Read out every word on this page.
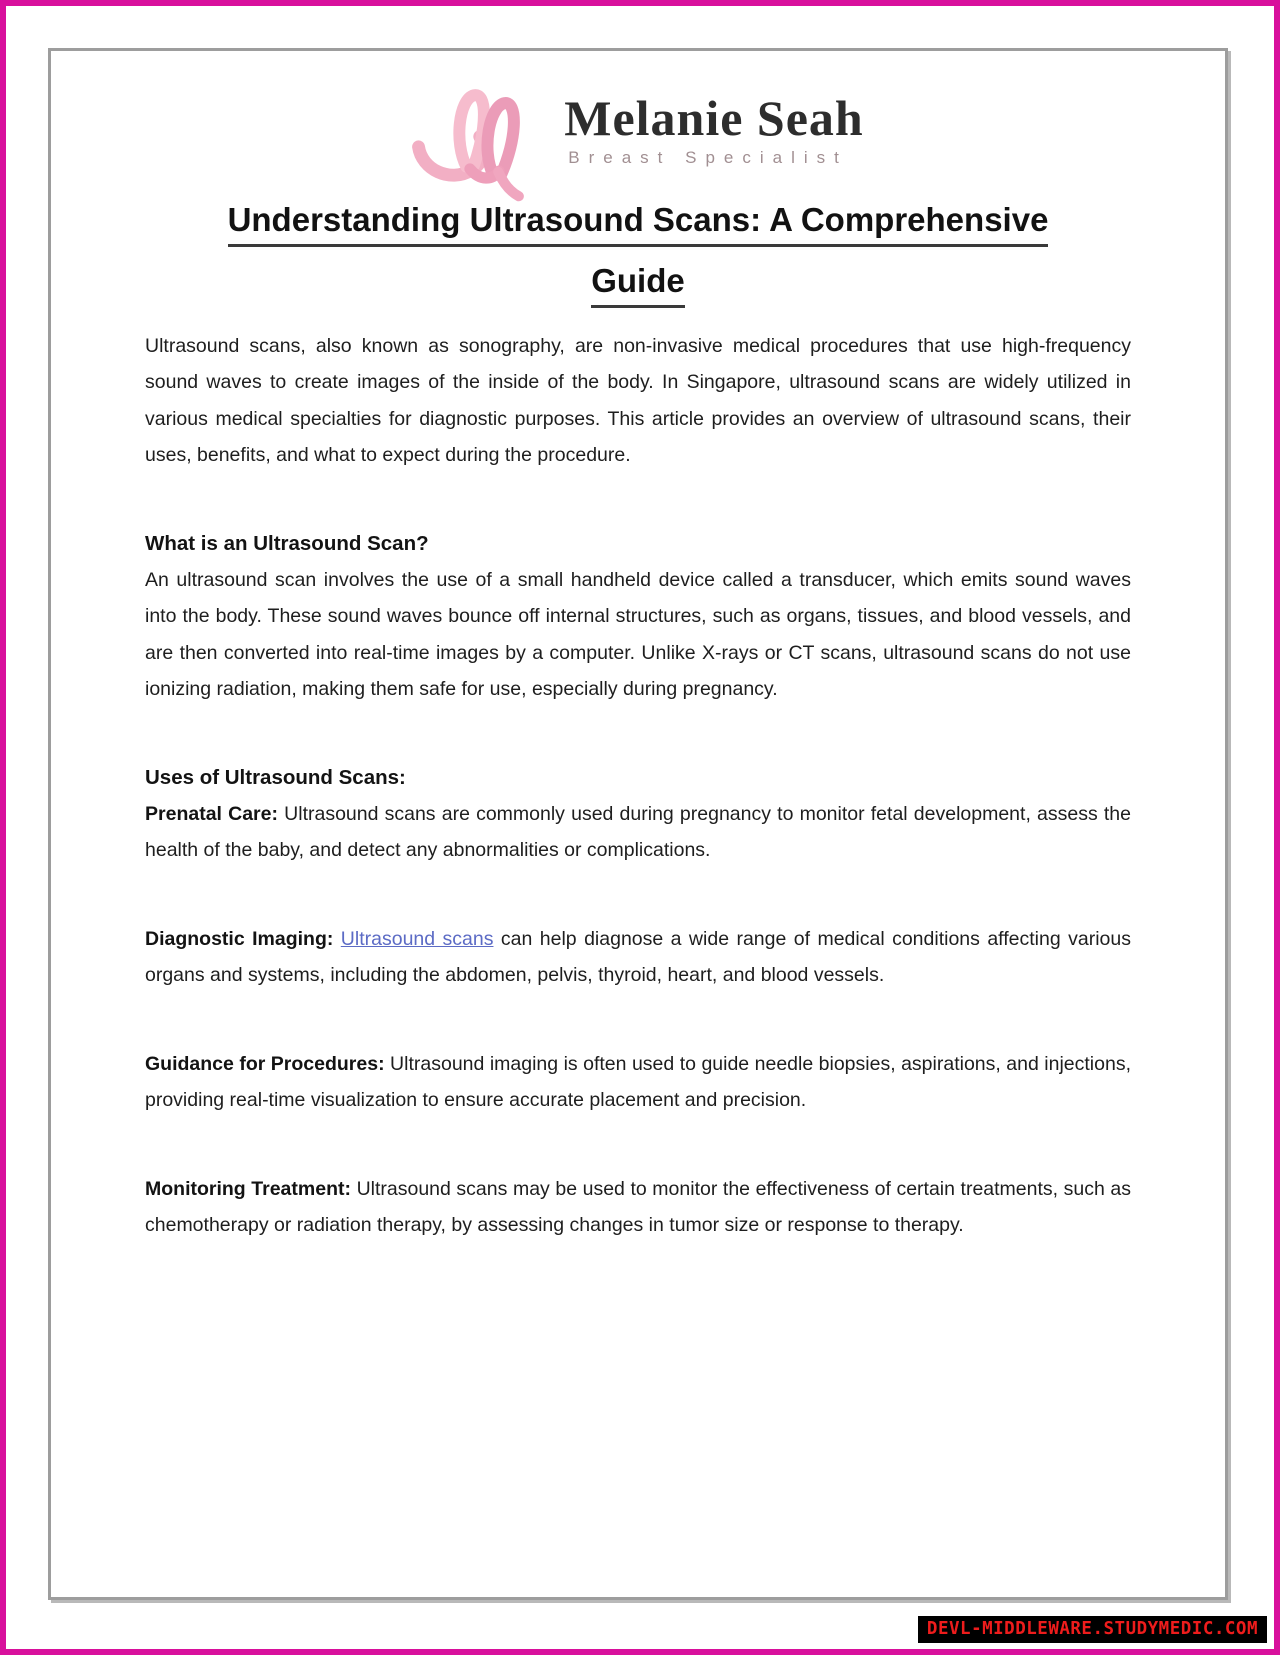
Melanie Seah
Breast Specialist
Understanding Ultrasound Scans: A Comprehensive
Guide

Ultrasound scans, also known as sonography, are non-invasive medical procedures that use high-frequency sound waves to create images of the inside of the body. In Singapore, ultrasound scans are widely utilized in various medical specialties for diagnostic purposes. This article provides an overview of ultrasound scans, their uses, benefits, and what to expect during the procedure.

What is an Ultrasound Scan?

An ultrasound scan involves the use of a small handheld device called a transducer, which emits sound waves into the body. These sound waves bounce off internal structures, such as organs, tissues, and blood vessels, and are then converted into real-time images by a computer. Unlike X-rays or CT scans, ultrasound scans do not use ionizing radiation, making them safe for use, especially during pregnancy.

Uses of Ultrasound Scans:

Prenatal Care: Ultrasound scans are commonly used during pregnancy to monitor fetal development, assess the health of the baby, and detect any abnormalities or complications.

Diagnostic Imaging: Ultrasound scans can help diagnose a wide range of medical conditions affecting various organs and systems, including the abdomen, pelvis, thyroid, heart, and blood vessels.

Guidance for Procedures: Ultrasound imaging is often used to guide needle biopsies, aspirations, and injections, providing real-time visualization to ensure accurate placement and precision.

Monitoring Treatment: Ultrasound scans may be used to monitor the effectiveness of certain treatments, such as chemotherapy or radiation therapy, by assessing changes in tumor size or response to therapy.

DEVL-MIDDLEWARE.STUDYMEDIC.COM
